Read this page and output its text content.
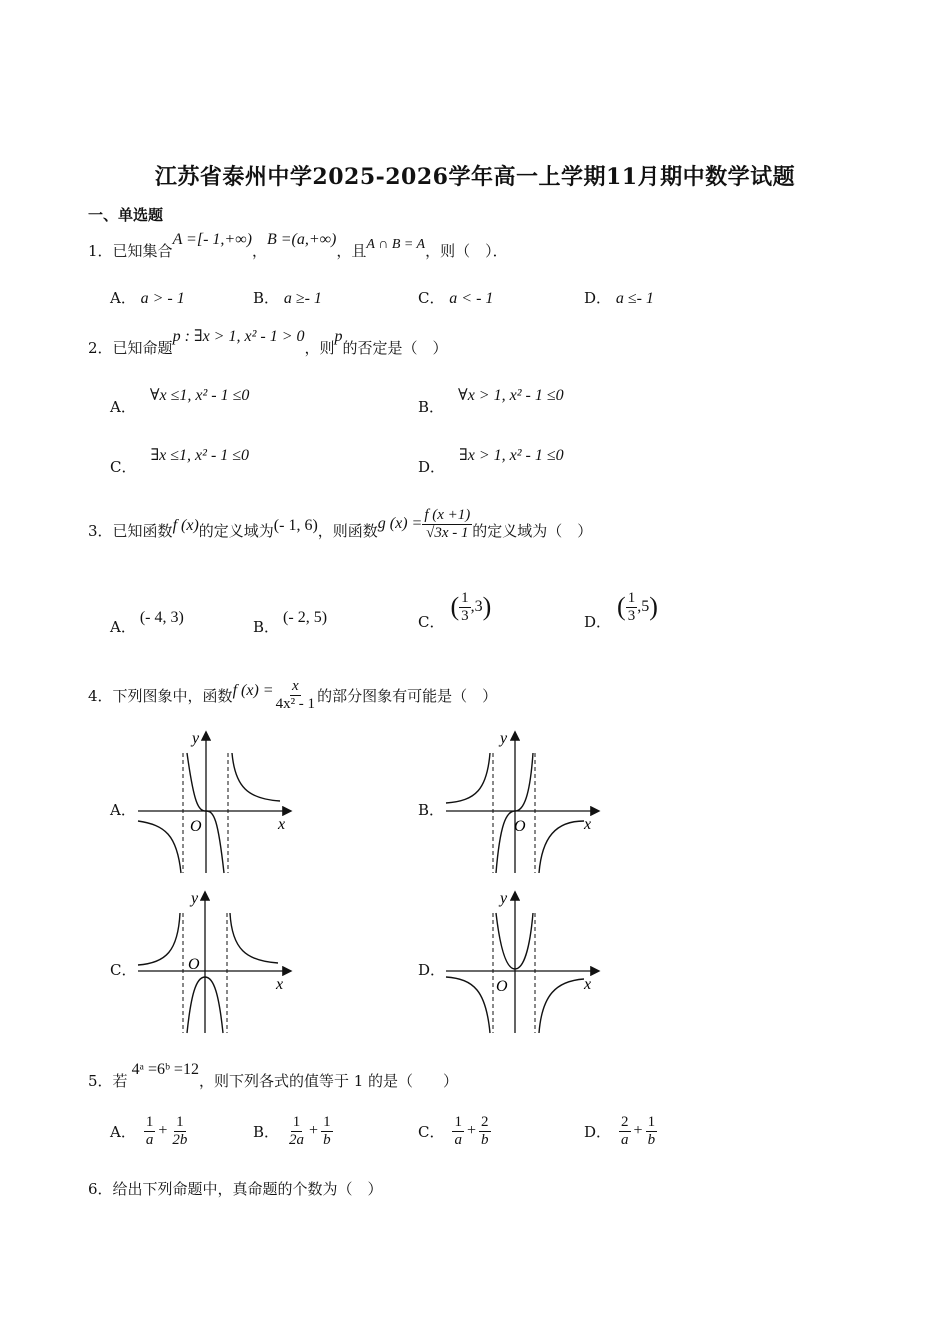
江苏省泰州中学2025-2026学年高一上学期11月期中数学试题
一、单选题
1．已知集合A =[- 1,+∞)，B =(a,+∞)，且A ∩ B = A，则（　）．
A． a > - 1	B． a ≥- 1	C． a < - 1	D． a ≤- 1
2．已知命题p : ∃x > 1, x² - 1 > 0，则p的否定是（　）
A．∀x ≤1, x² - 1 ≤0
B．∀x > 1, x² - 1 ≤0
C．∃x ≤1, x² - 1 ≤0
D．∃x > 1, x² - 1 ≤0
3． 已知函数 f (x) 的定义域为 (- 1, 6) ，则函数 g $(x) = \frac{f (x +1)}{√3x - 1}$ 的定义域为（　）
A．(- 4, 3)
B．(- 2, 5)	C．
( $\frac{1}{3} ,3$ )
D．
( $\frac{1}{3} ,5$ )
4． 下列图象中，函数 f $(x) = \frac{x}{\text{4x² - 1}}$ 的部分图象有可能是（　）
A．	B．
C．	D．
O	x
y
O	x
y
O
x
y
O	x
y
5．若4ᵃ =6ᵇ =12，则下列各式的值等于 1 的是（　　）
A． $\frac{1}{a} + \frac{1}{2b}$	B． $\frac{1}{2a} + \frac{1}{b}$	C． $\frac{1}{a} + \frac{2}{b}$	D． $\frac{2}{a} + \frac{1}{b}$
6．给出下列命题中，真命题的个数为（　）
